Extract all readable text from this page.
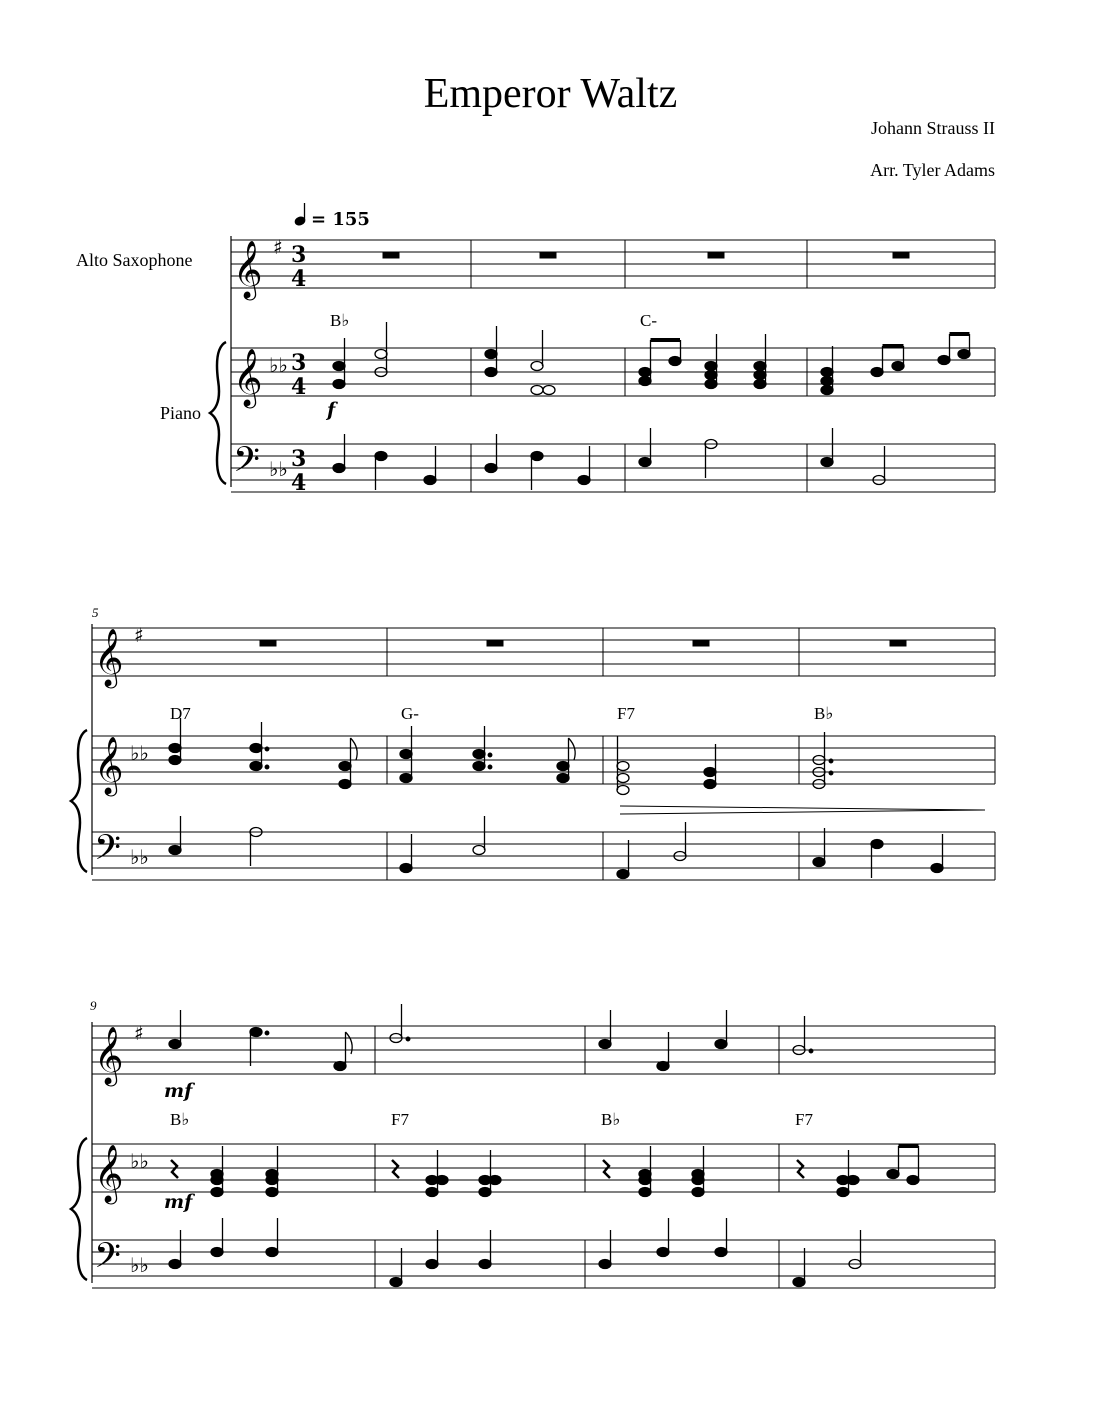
Emperor Waltz
Johann Strauss II
Arr. Tyler Adams
= 155
Alto Saxophone
Piano
𝄞 ♯ 3
4
B♭	C-
𝄞 ♭♭ 3
4
𝄢 ♭♭ 3
4
f
5
𝄞 ♯
D7	G-	F7	B♭
𝄞 ♭♭
𝄢 ♭♭
9
𝄞 ♯
mf
B♭	F7	B♭	F7
𝄞 ♭♭
mf
𝄢 ♭♭
